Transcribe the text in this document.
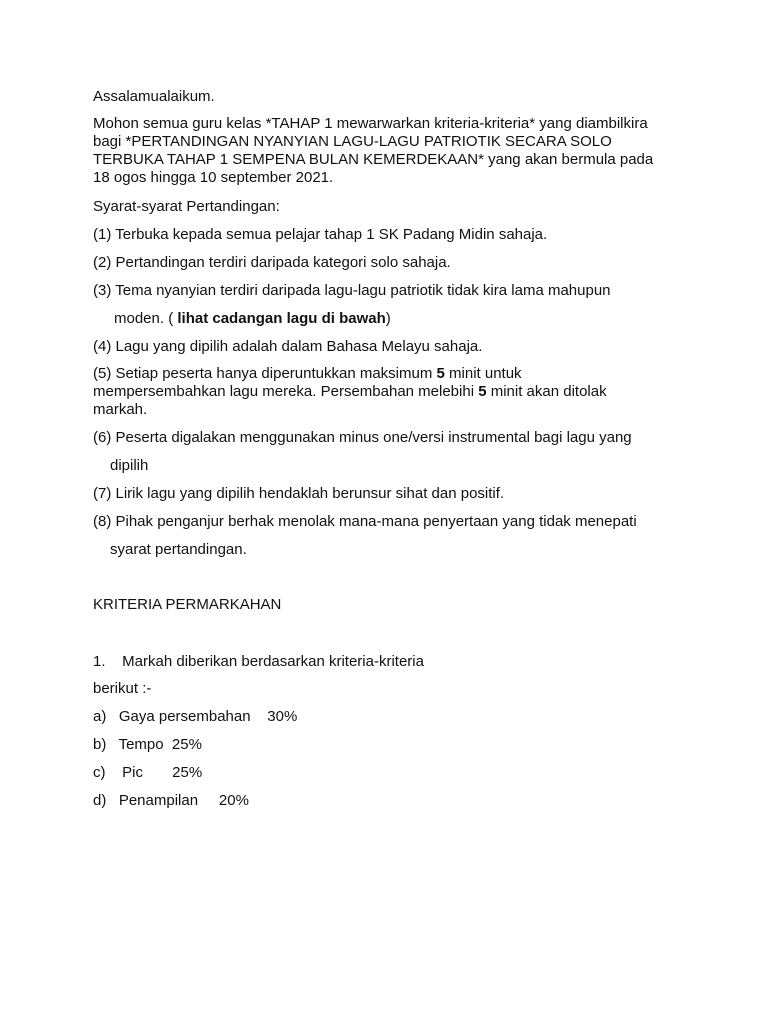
Assalamualaikum.
Mohon semua guru kelas *TAHAP 1 mewarwarkan kriteria-kriteria* yang diambilkira
bagi *PERTANDINGAN NYANYIAN LAGU-LAGU PATRIOTIK SECARA SOLO
TERBUKA TAHAP 1 SEMPENA BULAN KEMERDEKAAN* yang akan bermula pada
18 ogos hingga 10 september 2021.
Syarat-syarat Pertandingan:
(1) Terbuka kepada semua pelajar tahap 1 SK Padang Midin sahaja.
(2) Pertandingan terdiri daripada kategori solo sahaja.
(3) Tema nyanyian terdiri daripada lagu-lagu patriotik tidak kira lama mahupun
moden. ( lihat cadangan lagu di bawah)
(4) Lagu yang dipilih adalah dalam Bahasa Melayu sahaja.
(5) Setiap peserta hanya diperuntukkan maksimum 5 minit untuk
mempersembahkan lagu mereka. Persembahan melebihi 5 minit akan ditolak
markah.
(6) Peserta digalakan menggunakan minus one/versi instrumental bagi lagu yang
dipilih
(7) Lirik lagu yang dipilih hendaklah berunsur sihat dan positif.
(8) Pihak penganjur berhak menolak mana-mana penyertaan yang tidak menepati
syarat pertandingan.
KRITERIA PERMARKAHAN
1.    Markah diberikan berdasarkan kriteria-kriteria
berikut :-
a)   Gaya persembahan    30%
b)   Tempo  25%
c)    Pic       25%
d)   Penampilan     20%
